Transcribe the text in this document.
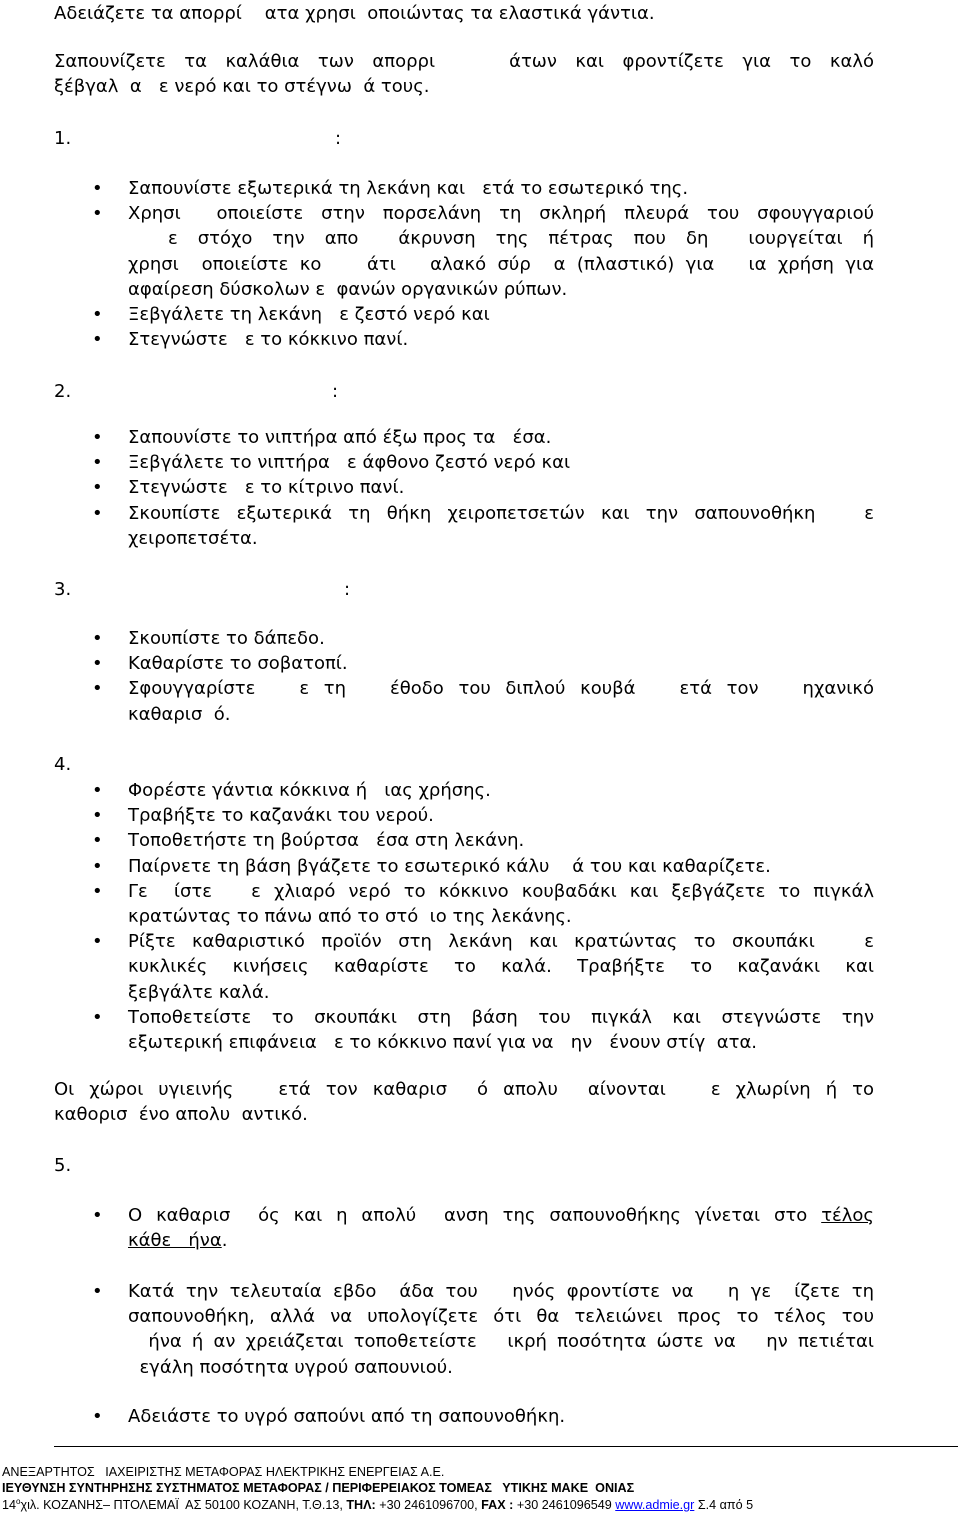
Αδειάζετε τα απορρί    ατα χρησι  οποιώντας τα ελαστικά γάντια.
Σαπουνίζετε τα καλάθια των απορρι    άτων και φροντίζετε για το καλό
ξέβγαλ  α   ε νερό και το στέγνω  ά τους.
1.	:
•
Σαπουνίστε εξωτερικά τη λεκάνη και   ετά το εσωτερικό της.
•
Χρησι  οποιείστε στην πορσελάνη τη σκληρή πλευρά του σφουγγαριού
ε στόχο την απο  άκρυνση της πέτρας που δη  ιουργείται ή
χρησι  οποιείστε κο    άτι   αλακό σύρ  α (πλαστικό) για   ια χρήση για
αφαίρεση δύσκολων ε  φανών οργανικών ρύπων.
•
Ξεβγάλετε τη λεκάνη   ε ζεστό νερό και
•
Στεγνώστε   ε το κόκκινο πανί.
2.	:
•
Σαπουνίστε το νιπτήρα από έξω προς τα   έσα.
•
Ξεβγάλετε το νιπτήρα   ε άφθονο ζεστό νερό και
•
Στεγνώστε   ε το κίτρινο πανί.
•
Σκουπίστε εξωτερικά τη θήκη χειροπετσετών και την σαπουνοθήκη   ε
χειροπετσέτα.
3.	:
•
Σκουπίστε το δάπεδο.
•
Καθαρίστε το σοβατοπί.
•
Σφουγγαρίστε   ε τη   έθοδο του διπλού κουβά   ετά τον   ηχανικό
καθαρισ  ό.
4.
•
Φορέστε γάντια κόκκινα ή   ιας χρήσης.
•
Τραβήξτε το καζανάκι του νερού.
•
Τοποθετήστε τη βούρτσα   έσα στη λεκάνη.
•
Παίρνετε τη βάση βγάζετε το εσωτερικό κάλυ    ά του και καθαρίζετε.
•
Γε  ίστε   ε χλιαρό νερό το κόκκινο κουβαδάκι και ξεβγάζετε το πιγκάλ
κρατώντας το πάνω από το στό  ιο της λεκάνης.
•
Ρίξτε καθαριστικό προϊόν στη λεκάνη και κρατώντας το σκουπάκι   ε
κυκλικές κινήσεις καθαρίστε το καλά. Τραβήξτε το καζανάκι και
ξεβγάλτε καλά.
•
Τοποθετείστε το σκουπάκι στη βάση του πιγκάλ και στεγνώστε την
εξωτερική επιφάνεια   ε το κόκκινο πανί για να   ην   ένουν στίγ  ατα.
Οι χώροι υγιεινής   ετά τον καθαρισ  ό απολυ  αίνονται   ε χλωρίνη ή το
καθορισ  ένο απολυ  αντικό.
5.
•
Ο καθαρισ  ός και η απολύ  ανση της σαπουνοθήκης γίνεται στο τέλος
κάθε   ήνα.
•
Κατά την τελευταία εβδο  άδα του   ηνός φροντίστε να   η γε  ίζετε τη
σαπουνοθήκη, αλλά να υπολογίζετε ότι θα τελειώνει προς το τέλος του
ήνα ή αν χρειάζεται τοποθετείστε   ικρή ποσότητα ώστε να   ην πετιέται
εγάλη ποσότητα υγρού σαπουνιού.
•
Αδειάστε το υγρό σαπούνι από τη σαπουνοθήκη.
ΑΝΕΞΑΡΤΗΤΟΣ   ΙΑΧΕΙΡΙΣΤΗΣ ΜΕΤΑΦΟΡΑΣ ΗΛΕΚΤΡΙΚΗΣ ΕΝΕΡΓΕΙΑΣ Α.Ε.
ΙΕΥΘΥΝΣΗ ΣΥΝΤΗΡΗΣΗΣ ΣΥΣΤΗΜΑΤΟΣ ΜΕΤΑΦΟΡΑΣ / ΠΕΡΙΦΕΡΕΙΑΚΟΣ ΤΟΜΕΑΣ   ΥΤΙΚΗΣ ΜΑΚΕ  ΟΝΙΑΣ
$14^o\chi\iota\lambda$. ΚΟΖΑΝΗΣ– ΠΤΟΛΕΜΑΪ  ΑΣ 50100 ΚΟΖΑΝΗ, Τ.Θ.13, ΤΗΛ: +30 2461096700, FAX : +30 2461096549 www.admie.gr Σ.4 από 5
